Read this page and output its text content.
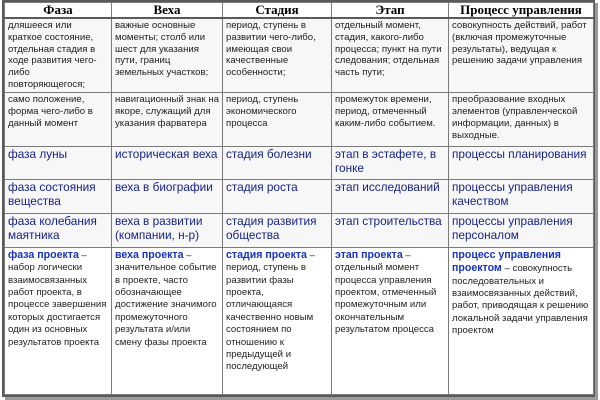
Фаза	Веха	Стадия	Этап	Процесс управления
дляшееся или краткое состояние, отдельная стадия в ходе развития чего-либо повторяющегося;	важные основные моменты; столб или шест для указания пути, границ земельных участков;	период, ступень в развитии чего-либо, имеющая свои качественные особенности;	отдельный момент, стадия, какого-либо процесса; пункт на пути следования; отдельная часть пути;	совокупность действий, работ (включая промежуточные результаты), ведущая к решению задачи управления
само положение, форма чего-либо в данный момент	навигационный знак на якоре, служащий для указания фарватера	период, ступень экономического процесса	промежуток времени, период, отмеченный каким-либо событием.	преобразование входных элементов (управленческой информации, данных) в выходные.
фаза луны	историческая веха	стадия болезни	этап в эстафете, в гонке	процессы планирования
фаза состояния вещества	веха в биографии	стадия роста	этап исследований	процессы управления качеством
фаза колебания маятника	веха в развитии (компании, н-р)	стадия развития общества	этап строительства	процессы управления персоналом
фаза проекта – набор логически взаимосвязанных работ проекта, в процессе завершения которых достигается один из основных результатов проекта	веха проекта – значительное событие в проекте, часто обозначающее достижение значимого промежуточного результата и/или смену фазы проекта	стадия проекта – период, ступень в развитии фазы проекта, отличающаяся качественно новым состоянием по отношению к предыдущей и последующей	этап проекта – отдельный момент процесса управления проектом, отмеченный промежуточным или окончательным результатом процесса	процесс управления проектом – совокупность последовательных и взаимосвязанных действий, работ, приводящая к решению локальной задачи управления проектом
